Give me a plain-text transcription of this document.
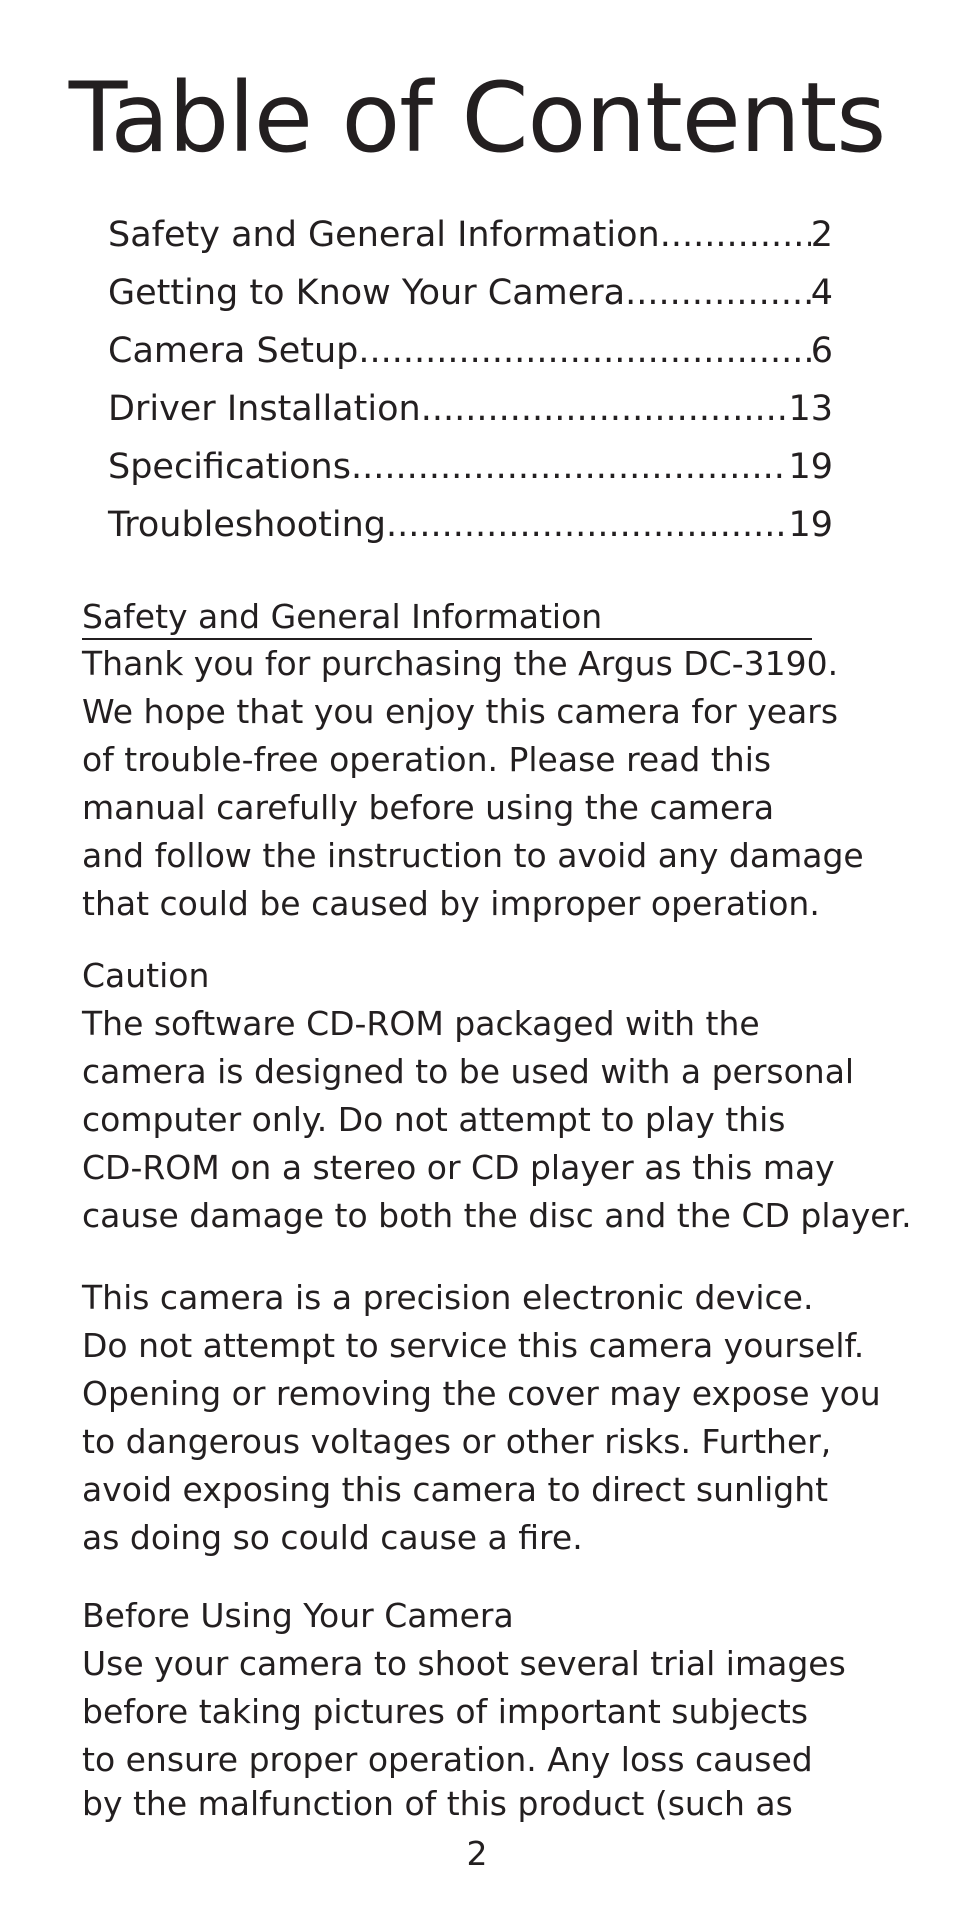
Table of Contents
Safety and General Information .....	2
Getting to Know Your Camera .....	4
Camera Setup .....	6
Driver Installation .....	13
Specifications .....	19
Troubleshooting .....	19
Safety and General Information
Thank you for purchasing the Argus DC-3190.
We hope that you enjoy this camera for years
of trouble-free operation. Please read this
manual carefully before using the camera
and follow the instruction to avoid any damage
that could be caused by improper operation.
Caution
The software CD-ROM packaged with the
camera is designed to be used with a personal
computer only. Do not attempt to play this
CD-ROM on a stereo or CD player as this may
cause damage to both the disc and the CD player.
This camera is a precision electronic device.
Do not attempt to service this camera yourself.
Opening or removing the cover may expose you
to dangerous voltages or other risks. Further,
avoid exposing this camera to direct sunlight
as doing so could cause a fire.
Before Using Your Camera
Use your camera to shoot several trial images
before taking pictures of important subjects
to ensure proper operation. Any loss caused
by the malfunction of this product (such as
2
